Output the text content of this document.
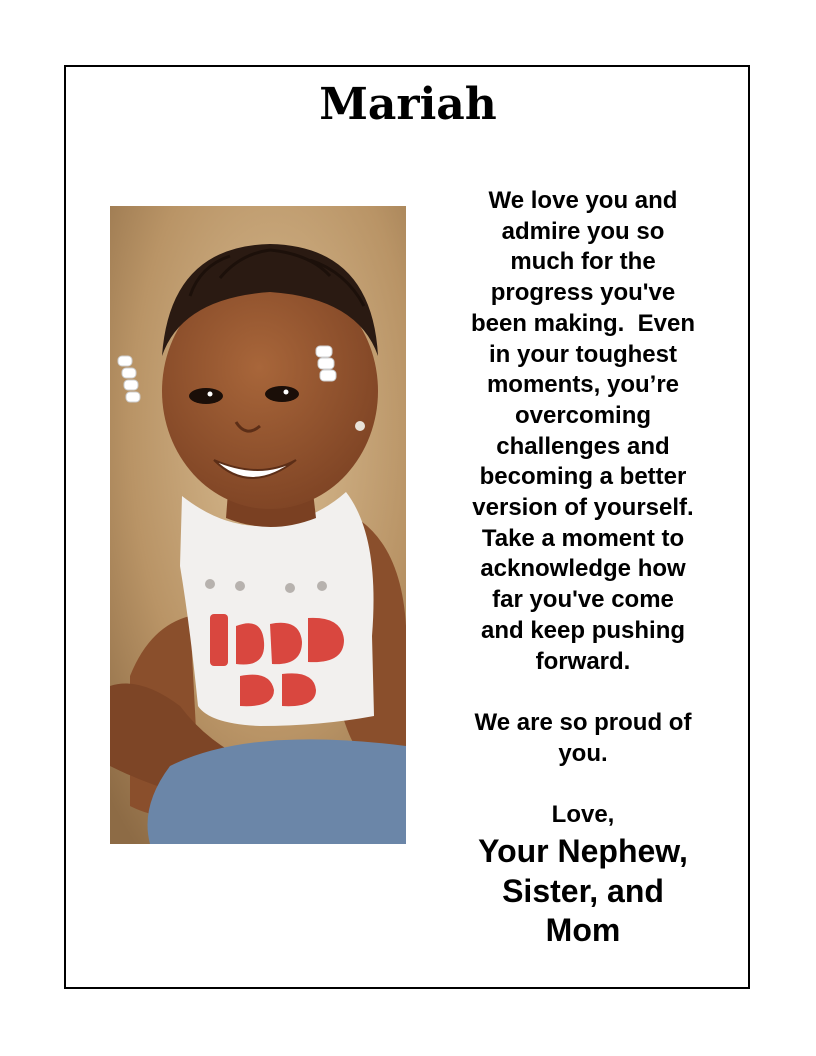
Mariah

We love you and
admire you so
much for the
progress you've
been making.  Even
in your toughest
moments, you’re
overcoming
challenges and
becoming a better
version of yourself.
Take a moment to
acknowledge how
far you've come
and keep pushing
forward.

We are so proud of
you.

Love,

Your Nephew,
Sister, and
Mom
